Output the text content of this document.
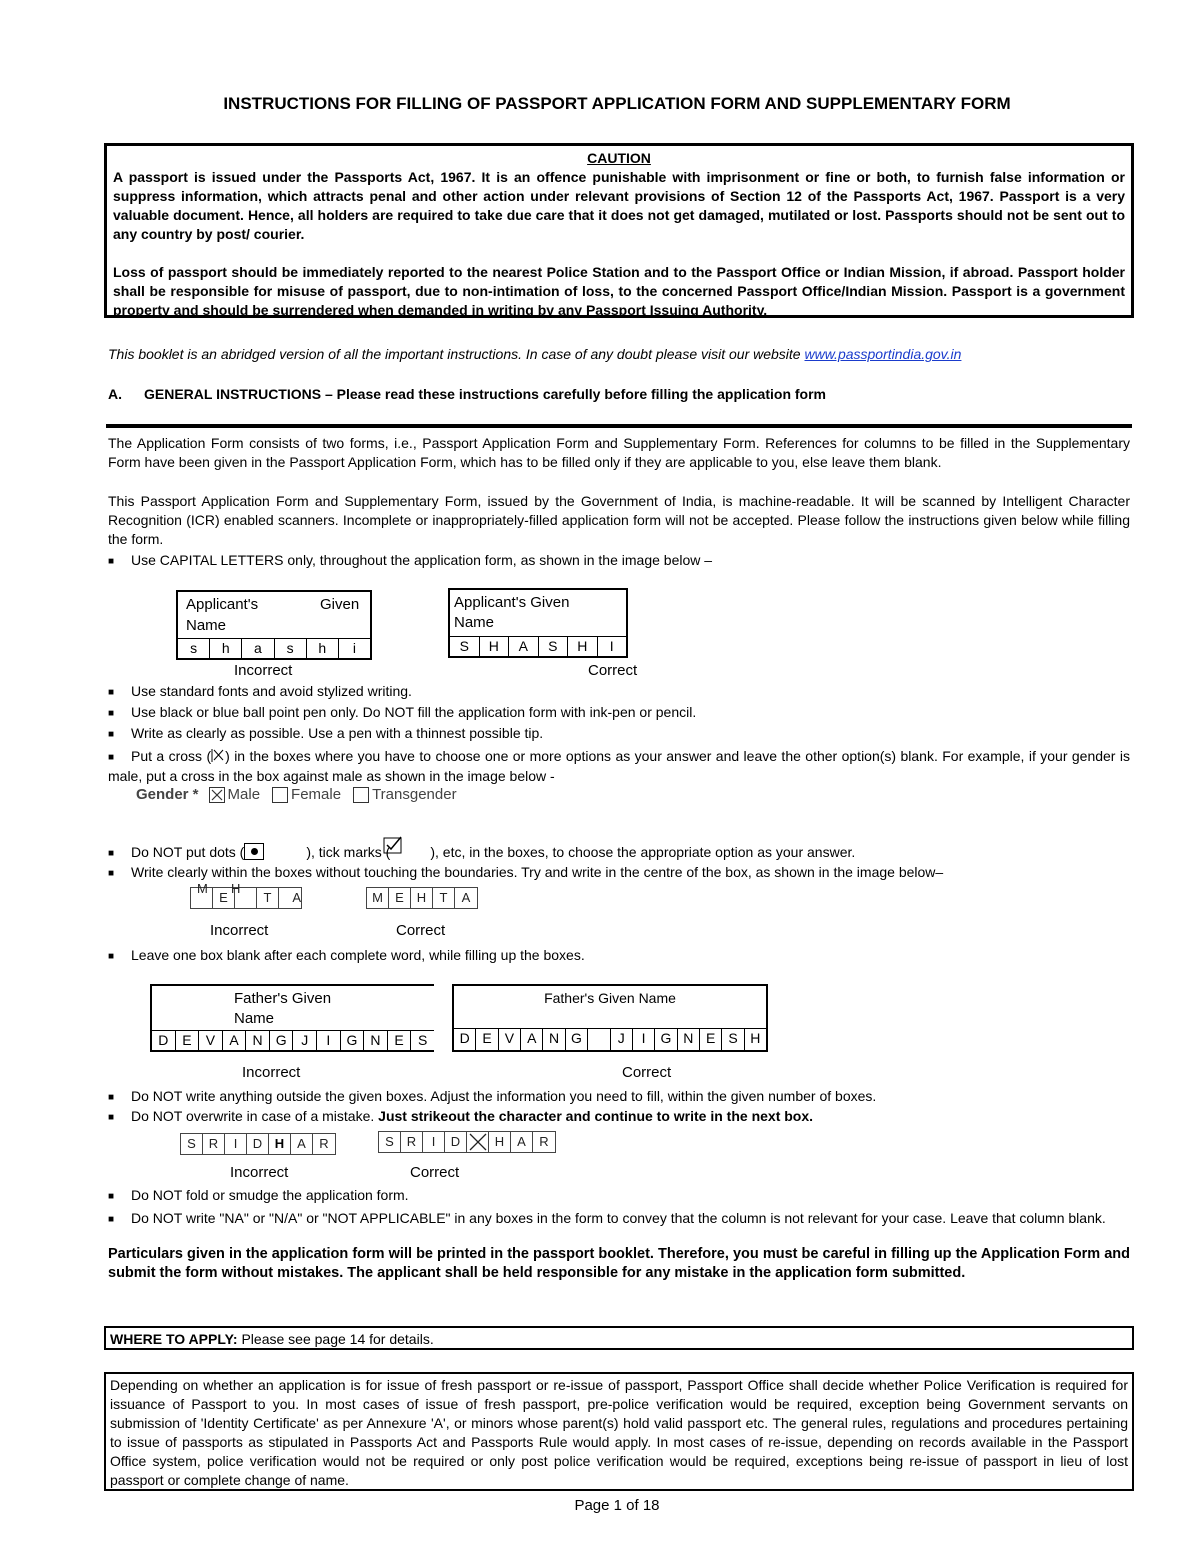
INSTRUCTIONS FOR FILLING OF PASSPORT APPLICATION FORM AND SUPPLEMENTARY FORM
CAUTION

A passport is issued under the Passports Act, 1967. It is an offence punishable with imprisonment or fine or both, to furnish false information or suppress information, which attracts penal and other action under relevant provisions of Section 12 of the Passports Act, 1967. Passport is a very valuable document. Hence, all holders are required to take due care that it does not get damaged, mutilated or lost. Passports should not be sent out to any country by post/ courier.

Loss of passport should be immediately reported to the nearest Police Station and to the Passport Office or Indian Mission, if abroad. Passport holder shall be responsible for misuse of passport, due to non-intimation of loss, to the concerned Passport Office/Indian Mission. Passport is a government property and should be surrendered when demanded in writing by any Passport Issuing Authority.

This booklet is an abridged version of all the important instructions. In case of any doubt please visit our website www.passportindia.gov.in
A. GENERAL INSTRUCTIONS – Please read these instructions carefully before filling the application form
The Application Form consists of two forms, i.e., Passport Application Form and Supplementary Form. References for columns to be filled in the Supplementary Form have been given in the Passport Application Form, which has to be filled only if they are applicable to you, else leave them blank.
This Passport Application Form and Supplementary Form, issued by the Government of India, is machine-readable. It will be scanned by Intelligent Character Recognition (ICR) enabled scanners. Incomplete or inappropriately-filled application form will not be accepted. Please follow the instructions given below while filling the form.
■ Use CAPITAL LETTERS only, throughout the application form, as shown in the image below –
Applicant's	Given
Name
s	h	a	s	h	i
Incorrect
Applicant's Given
Name
S	H	A	S	H	I
Correct
■ Use standard fonts and avoid stylized writing.
■ Use black or blue ball point pen only. Do NOT fill the application form with ink-pen or pencil.
■ Write as clearly as possible. Use a pen with a thinnest possible tip.
■ Put a cross (☒) in the boxes where you have to choose one or more options as your answer and leave the other option(s) blank. For example, if your gender is male, put a cross in the box against male as shown in the image below -
Gender * Male Female Transgender
■ Do NOT put dots (	), tick marks (	), etc, in the boxes, to choose the appropriate option as your answer.
■ Write clearly within the boxes without touching the boundaries. Try and write in the centre of the box, as shown in the image below–
M
E
H
T	A	M E H	T	A
Incorrect	Correct
■ Leave one box blank after each complete word, while filling up the boxes.
Father's Given
Name
D E	V	A N G	J	I	G N E	S
Incorrect
Father's Given Name
D E V A N G	J	I	G N E S H
Correct
■ Do NOT write anything outside the given boxes. Adjust the information you need to fill, within the given number of boxes.
■ Do NOT overwrite in case of a mistake. Just strikeout the character and continue to write in the next box.
S R	I	D H A	R	S R	I	D	H A	R
Incorrect	Correct
■ Do NOT fold or smudge the application form.
■ Do NOT write "NA" or "N/A" or "NOT APPLICABLE" in any boxes in the form to convey that the column is not relevant for your case. Leave that column blank.
Particulars given in the application form will be printed in the passport booklet. Therefore, you must be careful in filling up the Application Form and submit the form without mistakes. The applicant shall be held responsible for any mistake in the application form submitted.
WHERE TO APPLY: Please see page 14 for details.
Depending on whether an application is for issue of fresh passport or re-issue of passport, Passport Office shall decide whether Police Verification is required for issuance of Passport to you. In most cases of issue of fresh passport, pre-police verification would be required, exception being Government servants on submission of 'Identity Certificate' as per Annexure 'A', or minors whose parent(s) hold valid passport etc. The general rules, regulations and procedures pertaining to issue of passports as stipulated in Passports Act and Passports Rule would apply. In most cases of re-issue, depending on records available in the Passport Office system, police verification would not be required or only post police verification would be required, exceptions being re-issue of passport in lieu of lost passport or complete change of name.
Page 1 of 18
